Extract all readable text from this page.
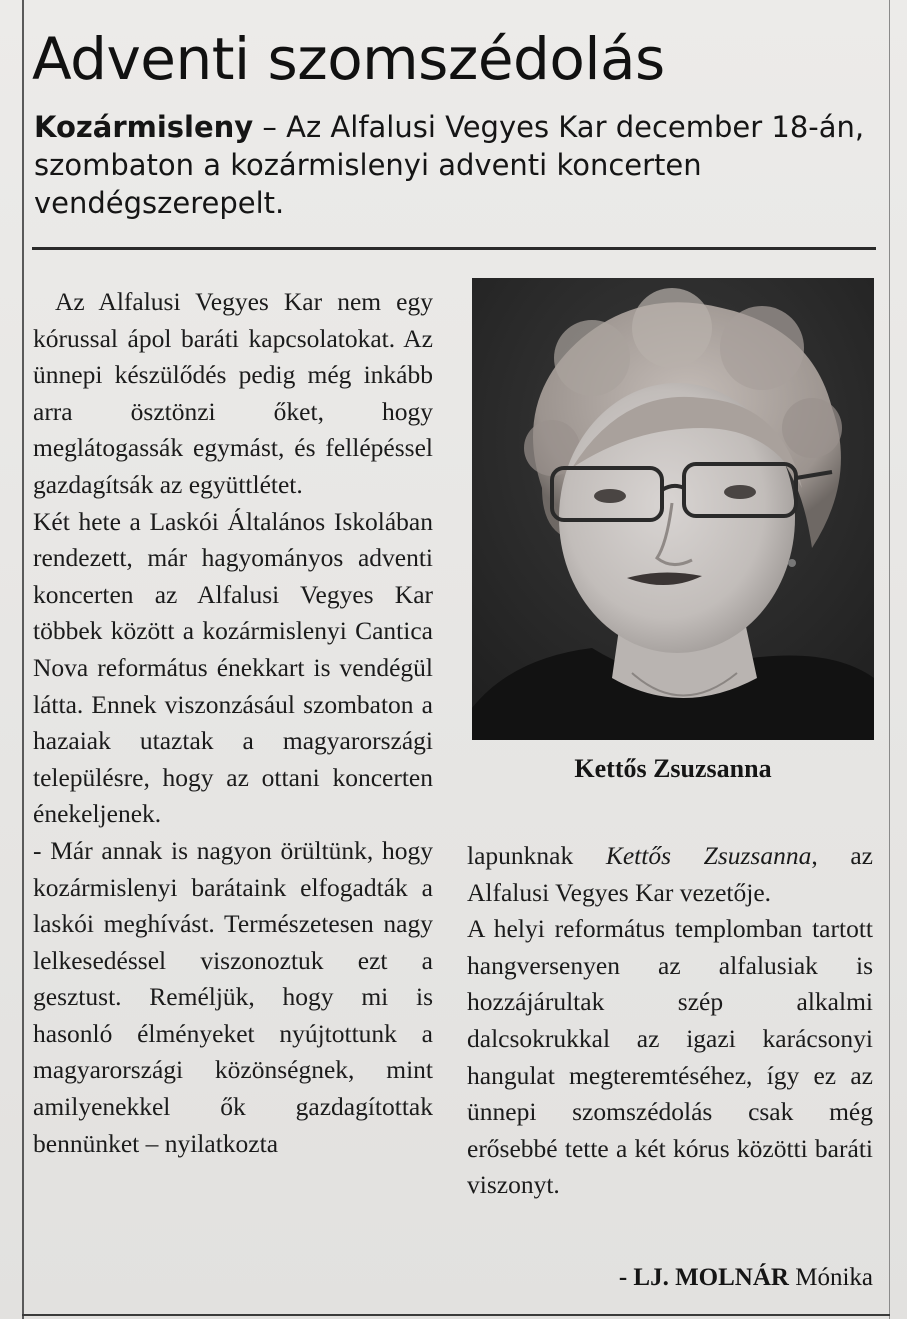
Adventi szomszédolás

Kozármisleny – Az Alfalusi Vegyes Kar december 18-án, szombaton a kozármislenyi adventi koncerten vendégszerepelt.

Az Alfalusi Vegyes Kar nem egy kórussal ápol baráti kapcsolatokat. Az ünnepi készülődés pedig még inkább arra ösztönzi őket, hogy meglátogassák egymást, és fellépéssel gazdagítsák az együttlétet.

Két hete a Laskói Általános Iskolában rendezett, már hagyományos adventi koncerten az Alfalusi Vegyes Kar többek között a kozármislenyi Cantica Nova református énekkart is vendégül látta. Ennek viszonzásául szombaton a hazaiak utaztak a magyarországi településre, hogy az ottani koncerten énekeljenek.

- Már annak is nagyon örültünk, hogy kozármislenyi barátaink elfogadták a laskói meghívást. Természetesen nagy lelkesedéssel viszonoztuk ezt a gesztust. Reméljük, hogy mi is hasonló élményeket nyújtottunk a magyarországi közönségnek, mint amilyenekkel ők gazdagítottak bennünket – nyilatkozta

Kettős Zsuzsanna

lapunknak Kettős Zsuzsanna, az Alfalusi Vegyes Kar vezetője.

A helyi református templomban tartott hangversenyen az alfalusiak is hozzájárultak szép alkalmi dalcsokrukkal az igazi karácsonyi hangulat megteremtéséhez, így ez az ünnepi szomszédolás csak még erősebbé tette a két kórus közötti baráti viszonyt.

- LJ. MOLNÁR Mónika
